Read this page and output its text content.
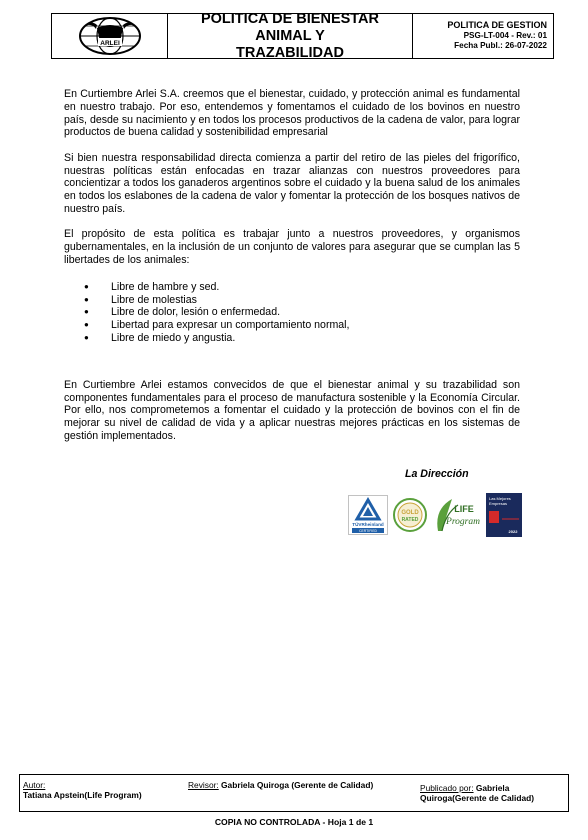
ARLEI
POLITICA DE BIENESTAR ANIMAL Y
TRAZABILIDAD
POLITICA DE GESTION
PSG-LT-004 - Rev.: 01
Fecha Publ.: 26-07-2022

En Curtiembre Arlei S.A. creemos que el bienestar, cuidado, y protección animal es fundamental en nuestro trabajo. Por eso, entendemos y fomentamos el cuidado de los bovinos en nuestro país, desde su nacimiento y en todos los procesos productivos de la cadena de valor, para lograr productos de buena calidad y sostenibilidad empresarial

Si bien nuestra responsabilidad directa comienza a partir del retiro de las pieles del frigorífico, nuestras políticas están enfocadas en trazar alianzas con nuestros proveedores para concientizar a todos los ganaderos argentinos sobre el cuidado y la buena salud de los animales en todos los eslabones de la cadena de valor y fomentar la protección de los bosques nativos de nuestro país.

El propósito de esta política es trabajar junto a nuestros proveedores, y organismos gubernamentales, en la inclusión de un conjunto de valores para asegurar que se cumplan las 5 libertades de los animales:

● Libre de hambre y sed.
● Libre de molestias
● Libre de dolor, lesión o enfermedad.
● Libertad para expresar un comportamiento normal,
● Libre de miedo y angustia.

En Curtiembre Arlei estamos convecidos de que el bienestar animal y su trazabilidad son componentes fundamentales para el proceso de manufactura sostenible y la Economía Circular. Por ello, nos comprometemos a fomentar el cuidado y la protección de bovinos con el fin de mejorar su nivel de calidad de vida y a aplicar nuestras mejores prácticas en los sistemas de gestión implementados.

La Dirección
TÜVRheinland
CERTIFIED
GOLD
RATED
LIFE
Program
Las Mejores
Empresas
2022
Autor:
Tatiana Apstein(Life Program)
Revisor: Gabriela Quiroga (Gerente de Calidad)	Publicado por: Gabriela
Quiroga(Gerente de Calidad)
COPIA NO CONTROLADA - Hoja 1 de 1
